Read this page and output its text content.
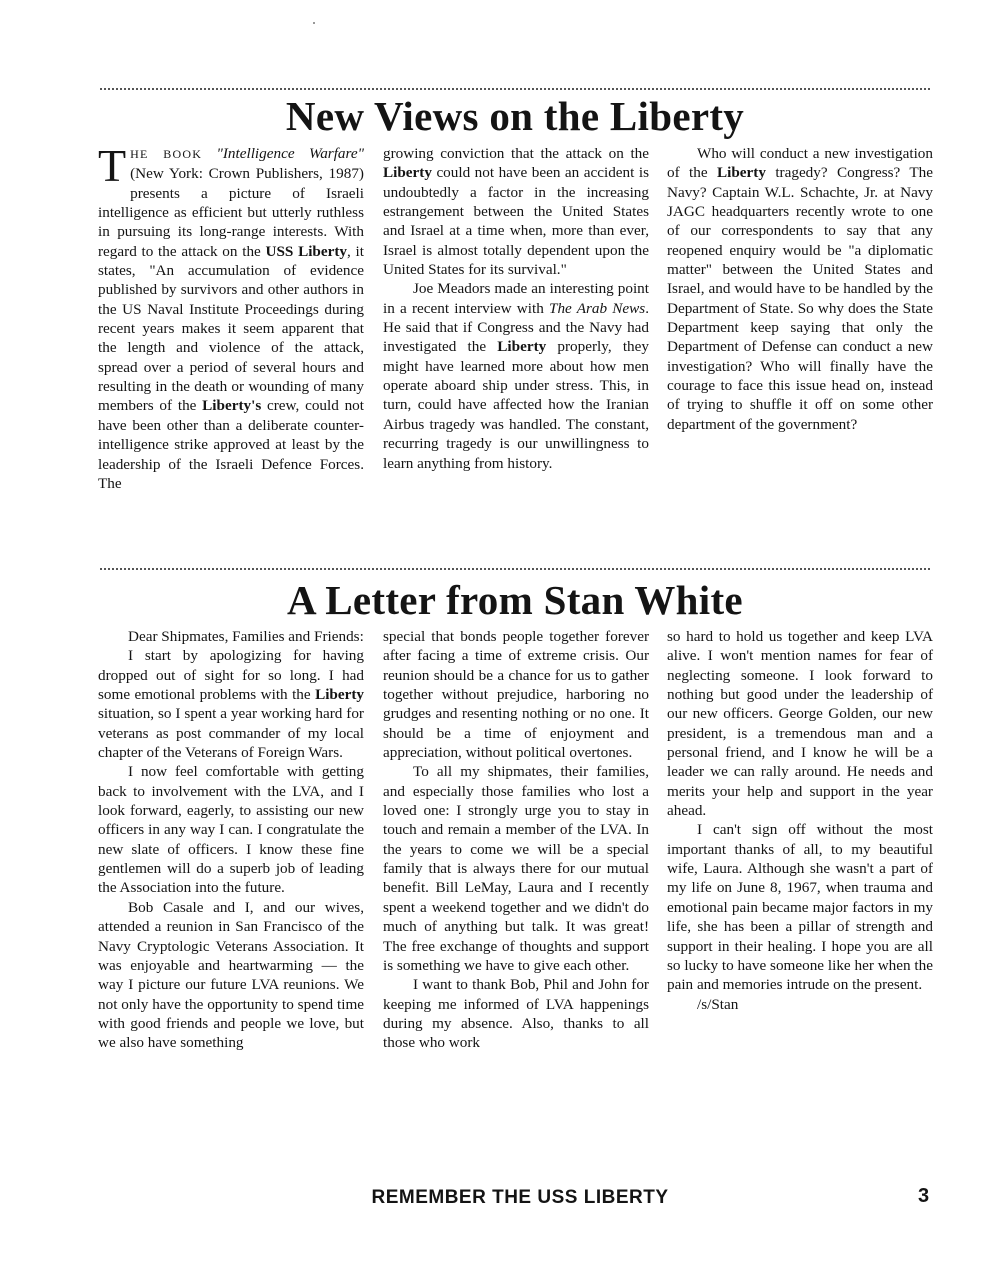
New Views on the Liberty

THE BOOK "Intelligence Warfare" (New York: Crown Publishers, 1987) presents a picture of Israeli intelligence as efficient but utterly ruthless in pursuing its long-range interests. With regard to the attack on the USS Liberty, it states, "An accumulation of evidence published by survivors and other authors in the US Naval Institute Proceedings during recent years makes it seem apparent that the length and violence of the attack, spread over a period of several hours and resulting in the death or wounding of many members of the Liberty's crew, could not have been other than a deliberate counter-intelligence strike approved at least by the leadership of the Israeli Defence Forces. The

growing conviction that the attack on the Liberty could not have been an accident is undoubtedly a factor in the increasing estrangement between the United States and Israel at a time when, more than ever, Israel is almost totally dependent upon the United States for its survival."

Joe Meadors made an interesting point in a recent interview with The Arab News. He said that if Congress and the Navy had investigated the Liberty properly, they might have learned more about how men operate aboard ship under stress. This, in turn, could have affected how the Iranian Airbus tragedy was handled. The constant, recurring tragedy is our unwillingness to learn anything from history.

Who will conduct a new investigation of the Liberty tragedy? Congress? The Navy? Captain W.L. Schachte, Jr. at Navy JAGC headquarters recently wrote to one of our correspondents to say that any reopened enquiry would be "a diplomatic matter" between the United States and Israel, and would have to be handled by the Department of State. So why does the State Department keep saying that only the Department of Defense can conduct a new investigation? Who will finally have the courage to face this issue head on, instead of trying to shuffle it off on some other department of the government?

A Letter from Stan White

Dear Shipmates, Families and Friends:

I start by apologizing for having dropped out of sight for so long. I had some emotional problems with the Liberty situation, so I spent a year working hard for veterans as post commander of my local chapter of the Veterans of Foreign Wars.

I now feel comfortable with getting back to involvement with the LVA, and I look forward, eagerly, to assisting our new officers in any way I can. I congratulate the new slate of officers. I know these fine gentlemen will do a superb job of leading the Association into the future.

Bob Casale and I, and our wives, attended a reunion in San Francisco of the Navy Cryptologic Veterans Association. It was enjoyable and heartwarming — the way I picture our future LVA reunions. We not only have the opportunity to spend time with good friends and people we love, but we also have something

special that bonds people together forever after facing a time of extreme crisis. Our reunion should be a chance for us to gather together without prejudice, harboring no grudges and resenting nothing or no one. It should be a time of enjoyment and appreciation, without political overtones.

To all my shipmates, their families, and especially those families who lost a loved one: I strongly urge you to stay in touch and remain a member of the LVA. In the years to come we will be a special family that is always there for our mutual benefit. Bill LeMay, Laura and I recently spent a weekend together and we didn't do much of anything but talk. It was great! The free exchange of thoughts and support is something we have to give each other.

I want to thank Bob, Phil and John for keeping me informed of LVA happenings during my absence. Also, thanks to all those who work

so hard to hold us together and keep LVA alive. I won't mention names for fear of neglecting someone. I look forward to nothing but good under the leadership of our new officers. George Golden, our new president, is a tremendous man and a personal friend, and I know he will be a leader we can rally around. He needs and merits your help and support in the year ahead.

I can't sign off without the most important thanks of all, to my beautiful wife, Laura. Although she wasn't a part of my life on June 8, 1967, when trauma and emotional pain became major factors in my life, she has been a pillar of strength and support in their healing. I hope you are all so lucky to have someone like her when the pain and memories intrude on the present.

/s/Stan

REMEMBER THE USS LIBERTY	3
